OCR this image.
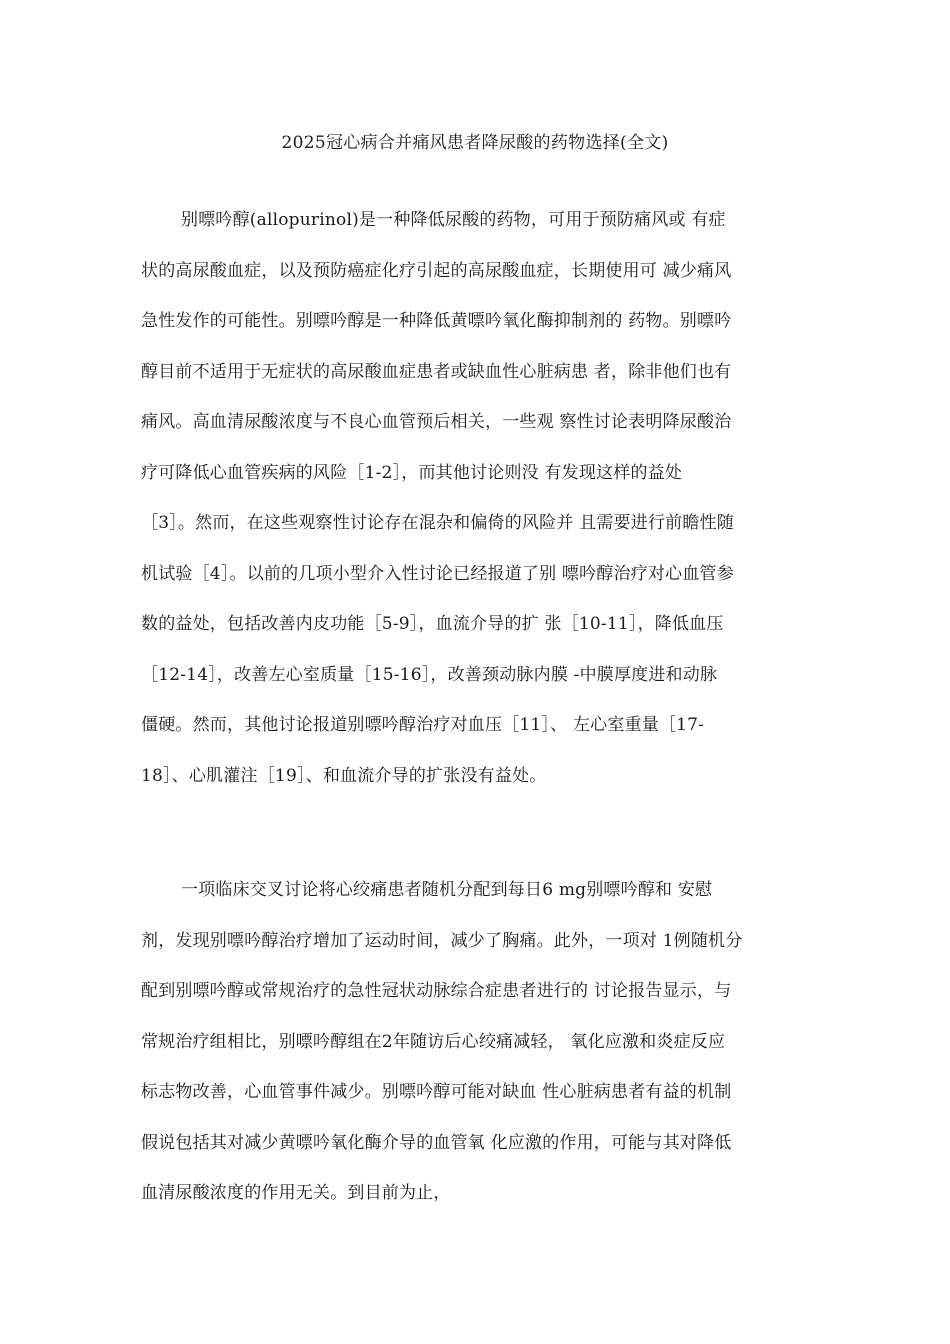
2025冠心病合并痛风患者降尿酸的药物选择(全文)
别嘌吟醇(allopurinol)是一种降低尿酸的药物，可用于预防痛风或 有症
状的高尿酸血症，以及预防癌症化疗引起的高尿酸血症，长期使用可 减少痛风
急性发作的可能性。别嘌吟醇是一种降低黄嘌吟氧化酶抑制剂的 药物。别嘌吟
醇目前不适用于无症状的高尿酸血症患者或缺血性心脏病患 者，除非他们也有
痛风。高血清尿酸浓度与不良心血管预后相关，一些观 察性讨论表明降尿酸治
疗可降低心血管疾病的风险［1-2］，而其他讨论则没 有发现这样的益处
［3］。然而，在这些观察性讨论存在混杂和偏倚的风险并 且需要进行前瞻性随
机试验［4］。以前的几项小型介入性讨论已经报道了别 嘌吟醇治疗对心血管参
数的益处，包括改善内皮功能［5-9］，血流介导的扩 张［10-11］，降低血压
［12-14］，改善左心室质量［15-16］，改善颈动脉内膜 -中膜厚度进和动脉
僵硬。然而，其他讨论报道别嘌吟醇治疗对血压［11］、 左心室重量［17-
18］、心肌灌注［19］、和血流介导的扩张没有益处。
一项临床交叉讨论将心绞痛患者随机分配到每日6 mg别嘌吟醇和 安慰
剂，发现别嘌吟醇治疗增加了运动时间，减少了胸痛。此外，一项对 1例随机分
配到别嘌吟醇或常规治疗的急性冠状动脉综合症患者进行的 讨论报告显示，与
常规治疗组相比，别嘌吟醇组在2年随访后心绞痛减轻， 氧化应激和炎症反应
标志物改善，心血管事件减少。别嘌吟醇可能对缺血 性心脏病患者有益的机制
假说包括其对减少黄嘌吟氧化酶介导的血管氧 化应激的作用，可能与其对降低
血清尿酸浓度的作用无关。到目前为止，
